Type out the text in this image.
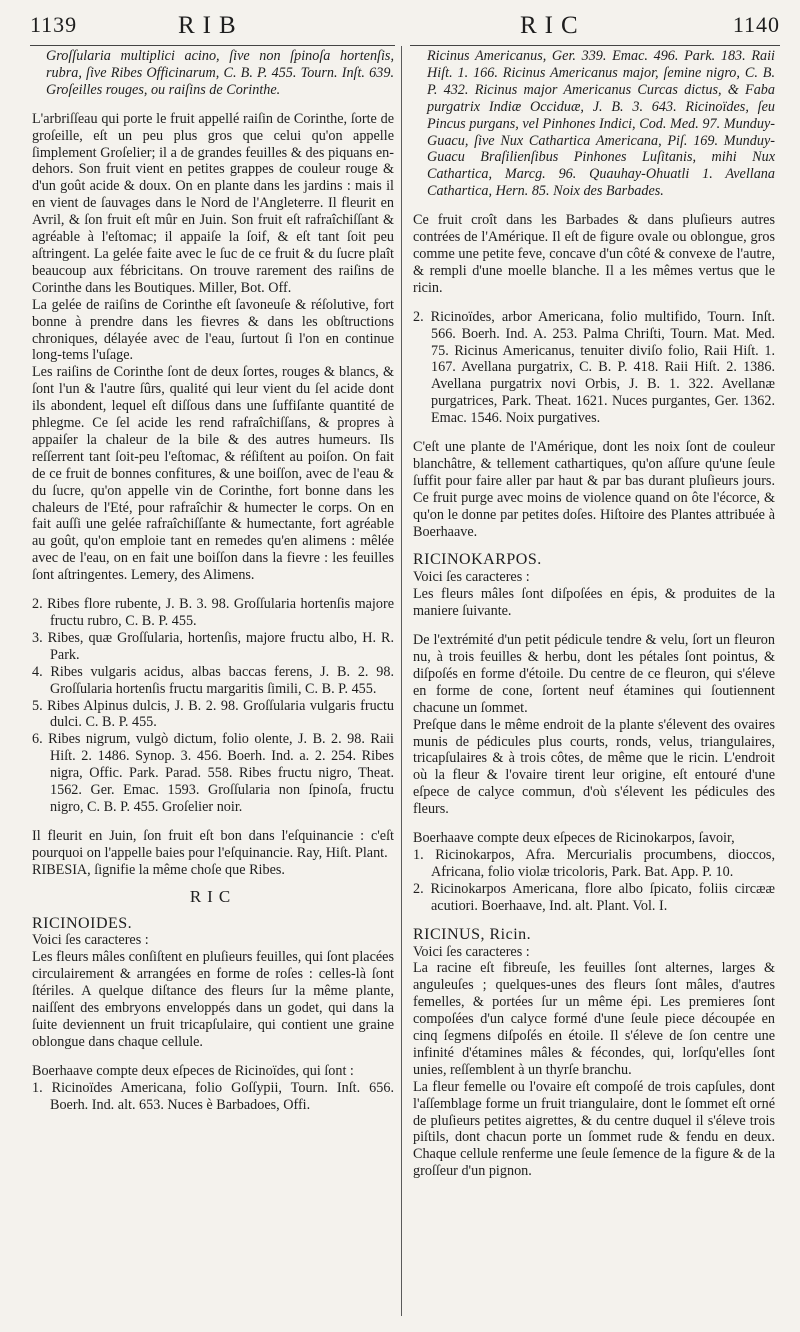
1139	RIB	RIC	1140
Groſſularia multiplici acino, ſive non ſpinoſa hortenſis, rubra, ſive Ribes Officinarum, C. B. P. 455. Tourn. Inſt. 639. Groſeilles rouges, ou raiſins de Corinthe.
L'arbriſſeau qui porte le fruit appellé raiſin de Corinthe, ſorte de groſeille, eſt un peu plus gros que celui qu'on appelle ſimplement Groſelier; il a de grandes feuilles & des piquans en-dehors. Son fruit vient en petites grappes de couleur rouge & d'un goût acide & doux. On en plante dans les jardins : mais il en vient de ſauvages dans le Nord de l'Angleterre. Il fleurit en Avril, & ſon fruit eſt mûr en Juin. Son fruit eſt rafraîchiſſant & agréable à l'eſtomac; il appaiſe la ſoif, & eſt tant ſoit peu aſtringent. La gelée faite avec le ſuc de ce fruit & du ſucre plaît beaucoup aux fébricitans. On trouve rarement des raiſins de Corinthe dans les Boutiques. Miller, Bot. Off.
La gelée de raiſins de Corinthe eſt ſavoneuſe & réſolutive, fort bonne à prendre dans les fievres & dans les obſtructions chroniques, délayée avec de l'eau, ſurtout ſi l'on en continue long-tems l'uſage.
Les raiſins de Corinthe ſont de deux ſortes, rouges & blancs, & ſont l'un & l'autre ſûrs, qualité qui leur vient du ſel acide dont ils abondent, lequel eſt diſſous dans une ſuffiſante quantité de phlegme. Ce ſel acide les rend rafraîchiſſans, & propres à appaiſer la chaleur de la bile & des autres humeurs. Ils reſſerrent tant ſoit-peu l'eſtomac, & réſiſtent au poiſon. On fait de ce fruit de bonnes confitures, & une boiſſon, avec de l'eau & du ſucre, qu'on appelle vin de Corinthe, fort bonne dans les chaleurs de l'Eté, pour rafraîchir & humecter le corps. On en fait auſſi une gelée rafraîchiſſante & humectante, fort agréable au goût, qu'on emploie tant en remedes qu'en alimens : mêlée avec de l'eau, on en fait une boiſſon dans la fievre : les feuilles ſont aſtringentes. Lemery, des Alimens.
2. Ribes flore rubente, J. B. 3. 98. Groſſularia hortenſis majore fructu rubro, C. B. P. 455.
3. Ribes, quæ Groſſularia, hortenſis, majore fructu albo, H. R. Park.
4. Ribes vulgaris acidus, albas baccas ferens, J. B. 2. 98. Groſſularia hortenſis fructu margaritis ſimili, C. B. P. 455.
5. Ribes Alpinus dulcis, J. B. 2. 98. Groſſularia vulgaris fructu dulci. C. B. P. 455.
6. Ribes nigrum, vulgò dictum, folio olente, J. B. 2. 98. Raii Hiſt. 2. 1486. Synop. 3. 456. Boerh. Ind. a. 2. 254. Ribes nigra, Offic. Park. Parad. 558. Ribes fructu nigro, Theat. 1562. Ger. Emac. 1593. Groſſularia non ſpinoſa, fructu nigro, C. B. P. 455. Groſelier noir.
Il fleurit en Juin, ſon fruit eſt bon dans l'eſquinancie : c'eſt pourquoi on l'appelle baies pour l'eſquinancie. Ray, Hiſt. Plant.
RIBESIA, ſignifie la même choſe que Ribes.
RIC
RICINOIDES.
Voici ſes caracteres :
Les fleurs mâles conſiſtent en pluſieurs feuilles, qui ſont placées circulairement & arrangées en forme de roſes : celles-là ſont ſtériles. A quelque diſtance des fleurs ſur la même plante, naiſſent des embryons enveloppés dans un godet, qui dans la ſuite deviennent un fruit tricapſulaire, qui contient une graine oblongue dans chaque cellule.
Boerhaave compte deux eſpeces de Ricinoïdes, qui ſont :
1. Ricinoïdes Americana, folio Goſſypii, Tourn. Inſt. 656. Boerh. Ind. alt. 653. Nuces è Barbadoes, Offi.
Ricinus Americanus, Ger. 339. Emac. 496. Park. 183. Raii Hiſt. 1. 166. Ricinus Americanus major, ſemine nigro, C. B. P. 432. Ricinus major Americanus Curcas dictus, & Faba purgatrix Indiæ Occiduæ, J. B. 3. 643. Ricinoïdes, ſeu Pincus purgans, vel Pinhones Indici, Cod. Med. 97. Munduy-Guacu, ſive Nux Cathartica Americana, Piſ. 169. Munduy-Guacu Braſilienſibus Pinhones Luſitanis, mihi Nux Cathartica, Marcg. 96. Quauhay-Ohuatli 1. Avellana Cathartica, Hern. 85. Noix des Barbades.
Ce fruit croît dans les Barbades & dans pluſieurs autres contrées de l'Amérique. Il eſt de figure ovale ou oblongue, gros comme une petite feve, concave d'un côté & convexe de l'autre, & rempli d'une moelle blanche. Il a les mêmes vertus que le ricin.
2. Ricinoïdes, arbor Americana, folio multifido, Tourn. Inſt. 566. Boerh. Ind. A. 253. Palma Chriſti, Tourn. Mat. Med. 75. Ricinus Americanus, tenuiter diviſo folio, Raii Hiſt. 1. 167. Avellana purgatrix, C. B. P. 418. Raii Hiſt. 2. 1386. Avellana purgatrix novi Orbis, J. B. 1. 322. Avellanæ purgatrices, Park. Theat. 1621. Nuces purgantes, Ger. 1362. Emac. 1546. Noix purgatives.
C'eſt une plante de l'Amérique, dont les noix ſont de couleur blanchâtre, & tellement cathartiques, qu'on aſſure qu'une ſeule ſuffit pour faire aller par haut & par bas durant pluſieurs jours. Ce fruit purge avec moins de violence quand on ôte l'écorce, & qu'on le donne par petites doſes. Hiſtoire des Plantes attribuée à Boerhaave.
RICINOKARPOS.
Voici ſes caracteres :
Les fleurs mâles ſont diſpoſées en épis, & produites de la maniere ſuivante.
De l'extrémité d'un petit pédicule tendre & velu, ſort un fleuron nu, à trois feuilles & herbu, dont les pétales ſont pointus, & diſpoſés en forme d'étoile. Du centre de ce fleuron, qui s'éleve en forme de cone, ſortent neuf étamines qui ſoutiennent chacune un ſommet.
Preſque dans le même endroit de la plante s'élevent des ovaires munis de pédicules plus courts, ronds, velus, triangulaires, tricapſulaires & à trois côtes, de même que le ricin. L'endroit où la fleur & l'ovaire tirent leur origine, eſt entouré d'une eſpece de calyce commun, d'où s'élevent les pédicules des fleurs.
Boerhaave compte deux eſpeces de Ricinokarpos, ſavoir,
1. Ricinokarpos, Afra. Mercurialis procumbens, dioccos, Africana, folio violæ tricoloris, Park. Bat. App. P. 10.
2. Ricinokarpos Americana, flore albo ſpicato, foliis circææ acutiori. Boerhaave, Ind. alt. Plant. Vol. I.
RICINUS, Ricin.
Voici ſes caracteres :
La racine eſt fibreuſe, les feuilles ſont alternes, larges & anguleuſes ; quelques-unes des fleurs ſont mâles, d'autres femelles, & portées ſur un même épi. Les premieres ſont compoſées d'un calyce formé d'une ſeule piece découpée en cinq ſegmens diſpoſés en étoile. Il s'éleve de ſon centre une infinité d'étamines mâles & fécondes, qui, lorſqu'elles ſont unies, reſſemblent à un thyrſe branchu.
La fleur femelle ou l'ovaire eſt compoſé de trois capſules, dont l'aſſemblage forme un fruit triangulaire, dont le ſommet eſt orné de pluſieurs petites aigrettes, & du centre duquel il s'éleve trois piſtils, dont chacun porte un ſommet rude & fendu en deux. Chaque cellule renferme une ſeule ſemence de la figure & de la groſſeur d'un pignon.
